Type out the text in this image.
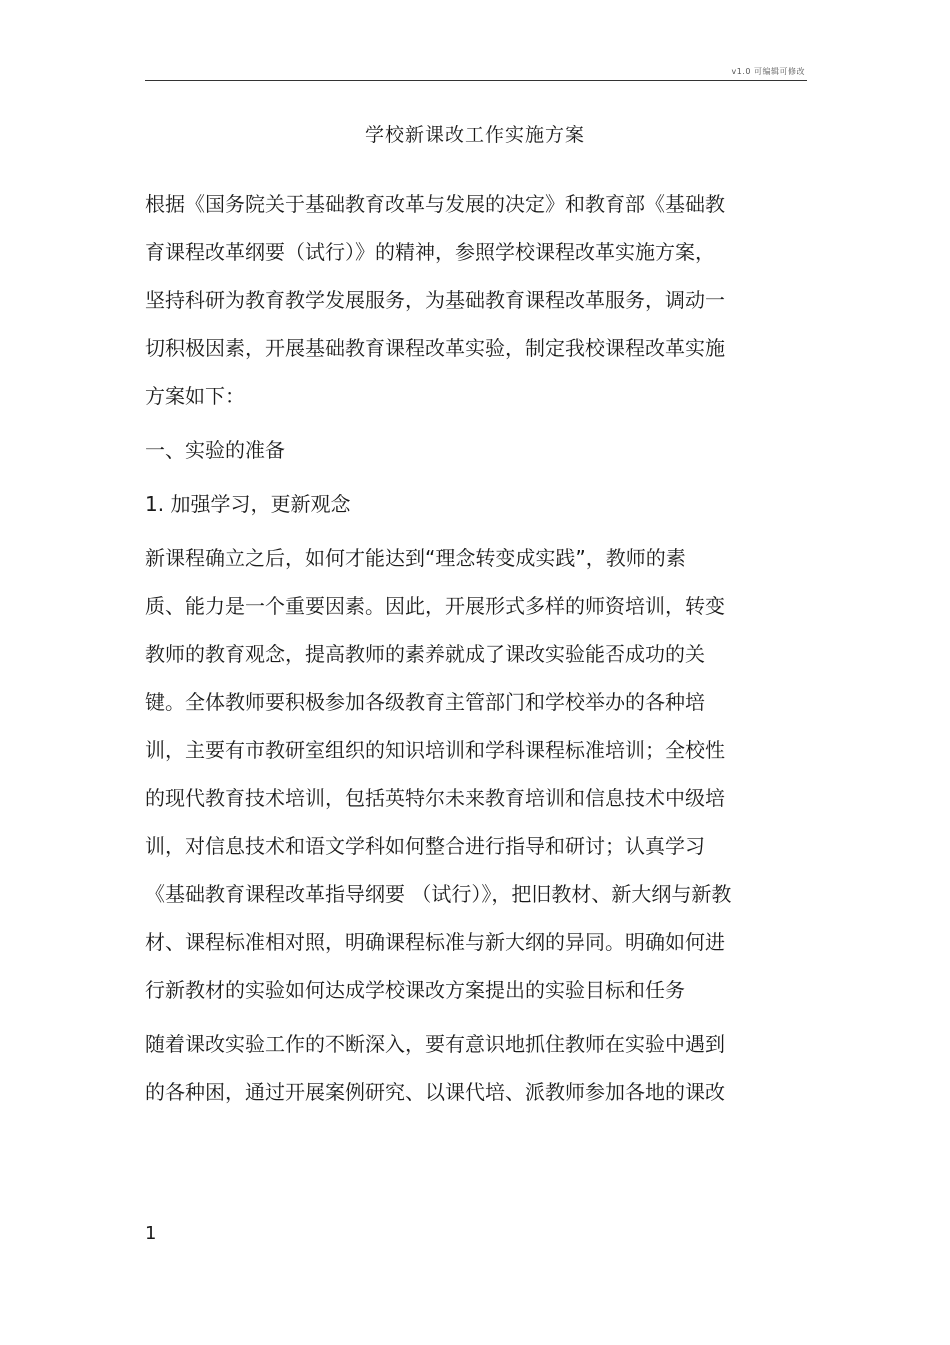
v1.0 可编辑可修改
学校新课改工作实施方案
根据《国务院关于基础教育改革与发展的决定》和教育部《基础教
育课程改革纲要（试行）》的精神，参照学校课程改革实施方案，
坚持科研为教育教学发展服务，为基础教育课程改革服务，调动一
切积极因素，开展基础教育课程改革实验，制定我校课程改革实施
方案如下：
一、实验的准备
1. 加强学习，更新观念
新课程确立之后，如何才能达到“理念转变成实践”，教师的素
质、能力是一个重要因素。因此，开展形式多样的师资培训，转变
教师的教育观念，提高教师的素养就成了课改实验能否成功的关
键。全体教师要积极参加各级教育主管部门和学校举办的各种培
训，主要有市教研室组织的知识培训和学科课程标准培训；全校性
的现代教育技术培训，包括英特尔未来教育培训和信息技术中级培
训，对信息技术和语文学科如何整合进行指导和研讨；认真学习
《基础教育课程改革指导纲要 （试行）》，把旧教材、新大纲与新教
材、课程标准相对照，明确课程标准与新大纲的异同。明确如何进
行新教材的实验如何达成学校课改方案提出的实验目标和任务
随着课改实验工作的不断深入，要有意识地抓住教师在实验中遇到
的各种困，通过开展案例研究、以课代培、派教师参加各地的课改
1
